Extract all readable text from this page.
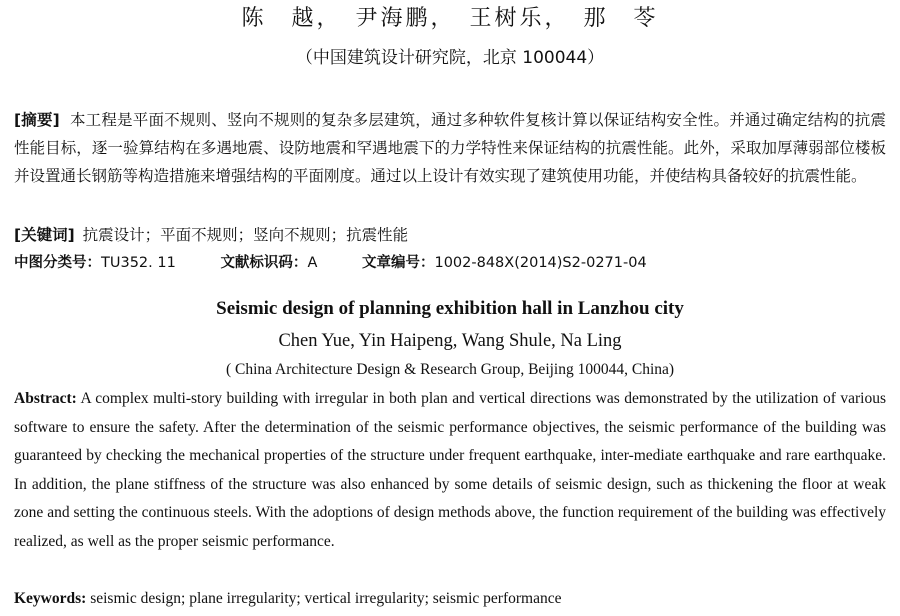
陈　越，　尹海鹏，　王树乐，　那　苓
（中国建筑设计研究院，北京 100044）
[摘要] 本工程是平面不规则、竖向不规则的复杂多层建筑，通过多种软件复核计算以保证结构安全性。并通过确定结构的抗震性能目标，逐一验算结构在多遇地震、设防地震和罕遇地震下的力学特性来保证结构的抗震性能。此外，采取加厚薄弱部位楼板并设置通长钢筋等构造措施来增强结构的平面刚度。通过以上设计有效实现了建筑使用功能，并使结构具备较好的抗震性能。
[关键词] 抗震设计；平面不规则；竖向不规则；抗震性能
中图分类号：TU352. 11	文献标识码：A	文章编号：1002-848X(2014)S2-0271-04
Seismic design of planning exhibition hall in Lanzhou city
Chen Yue, Yin Haipeng, Wang Shule, Na Ling
( China Architecture Design & Research Group, Beijing 100044, China)
Abstract: A complex multi-story building with irregular in both plan and vertical directions was demonstrated by the utilization of various software to ensure the safety. After the determination of the seismic performance objectives, the seismic performance of the building was guaranteed by checking the mechanical properties of the structure under frequent earthquake, inter-mediate earthquake and rare earthquake. In addition, the plane stiffness of the structure was also enhanced by some details of seismic design, such as thickening the floor at weak zone and setting the continuous steels. With the adoptions of design methods above, the function requirement of the building was effectively realized, as well as the proper seismic performance.
Keywords: seismic design; plane irregularity; vertical irregularity; seismic performance
